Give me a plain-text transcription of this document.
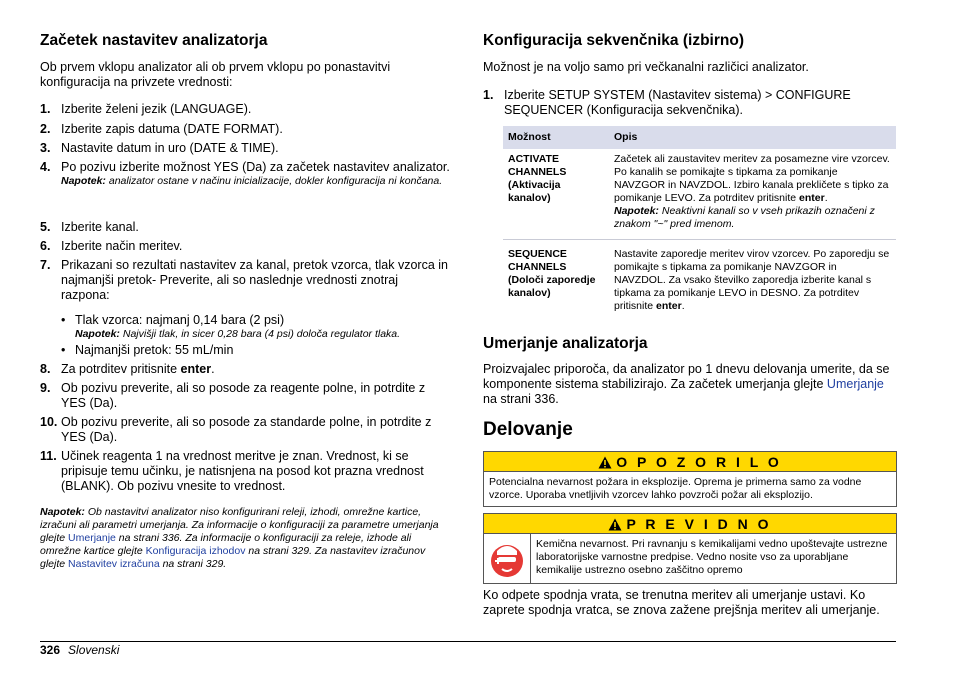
Začetek nastavitev analizatorja
Ob prvem vklopu analizator ali ob prvem vklopu po ponastavitvi konfiguracija na privzete vrednosti:
1. Izberite želeni jezik (LANGUAGE).
2. Izberite zapis datuma (DATE FORMAT).
3. Nastavite datum in uro (DATE & TIME).
4. Po pozivu izberite možnost YES (Da) za začetek nastavitev analizator.
Napotek: analizator ostane v načinu inicializacije, dokler konfiguracija ni končana.
5. Izberite kanal.
6. Izberite način meritev.
7. Prikazani so rezultati nastavitev za kanal, pretok vzorca, tlak vzorca in najmanjši pretok- Preverite, ali so naslednje vrednosti znotraj razpona:
• Tlak vzorca: najmanj 0,14 bara (2 psi)
Napotek: Najvišji tlak, in sicer 0,28 bara (4 psi) določa regulator tlaka.
• Najmanjši pretok: 55 mL/min
8. Za potrditev pritisnite enter.
9. Ob pozivu preverite, ali so posode za reagente polne, in potrdite z YES (Da).
10. Ob pozivu preverite, ali so posode za standarde polne, in potrdite z YES (Da).
11. Učinek reagenta 1 na vrednost meritve je znan. Vrednost, ki se pripisuje temu učinku, je natisnjena na posod kot prazna vrednost (BLANK). Ob pozivu vnesite to vrednost.
Napotek: Ob nastavitvi analizator niso konfigurirani releji, izhodi, omrežne kartice, izračuni ali parametri umerjanja. Za informacije o konfiguraciji za parametre umerjanja glejte Umerjanje na strani 336. Za informacije o konfiguraciji za releje, izhode ali omrežne kartice glejte Konfiguracija izhodov na strani 329. Za nastavitev izračunov glejte Nastavitev izračuna na strani 329.
Konfiguracija sekvenčnika (izbirno)
Možnost je na voljo samo pri večkanalni različici analizator.
1. Izberite SETUP SYSTEM (Nastavitev sistema) > CONFIGURE SEQUENCER (Konfiguracija sekvenčnika).
Možnost	Opis
ACTIVATE CHANNELS (Aktivacija kanalov)	Začetek ali zaustavitev meritev za posamezne vire vzorcev. Po kanalih se pomikajte s tipkama za pomikanje NAVZGOR in NAVZDOL. Izbiro kanala prekličete s tipko za pomikanje LEVO. Za potrditev pritisnite enter.
Napotek: Neaktivni kanali so v vseh prikazih označeni z znakom "~" pred imenom.

SEQUENCE CHANNELS (Določi zaporedje kanalov)	Nastavite zaporedje meritev virov vzorcev. Po zaporedju se pomikajte s tipkama za pomikanje NAVZGOR in NAVZDOL. Za vsako številko zaporedja izberite kanal s tipkama za pomikanje LEVO in DESNO. Za potrditev pritisnite enter.
Umerjanje analizatorja
Proizvajalec priporoča, da analizator po 1 dnevu delovanja umerite, da se komponente sistema stabilizirajo. Za začetek umerjanja glejte Umerjanje na strani 336.
Delovanje
O P O Z O R I L O
Potencialna nevarnost požara in eksplozije. Oprema je primerna samo za vodne vzorce. Uporaba vnetljivih vzorcev lahko povzroči požar ali eksplozijo.
P R E V I D N O
Kemična nevarnost. Pri ravnanju s kemikalijami vedno upoštevajte ustrezne laboratorijske varnostne predpise. Vedno nosite vso za uporabljane kemikalije ustrezno osebno zaščitno opremo
Ko odpete spodnja vrata, se trenutna meritev ali umerjanje ustavi. Ko zaprete spodnja vratca, se znova zažene prejšnja meritev ali umerjanje.
326 Slovenski
